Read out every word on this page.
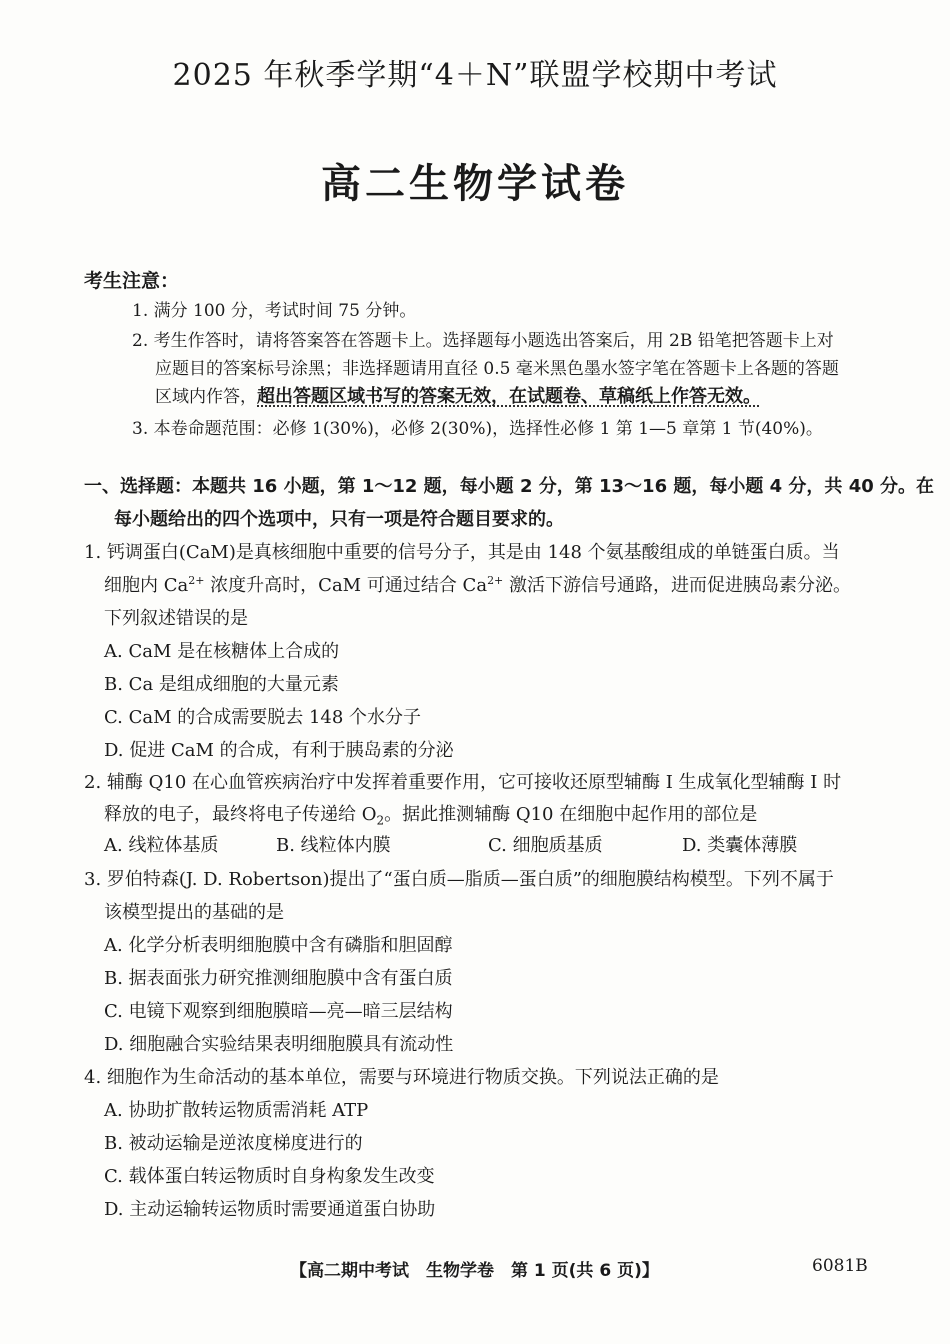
2025 年秋季学期“4＋N”联盟学校期中考试
高二生物学试卷
考生注意：
1. 满分 100 分，考试时间 75 分钟。
2. 考生作答时，请将答案答在答题卡上。选择题每小题选出答案后，用 2B 铅笔把答题卡上对
应题目的答案标号涂黑；非选择题请用直径 0.5 毫米黑色墨水签字笔在答题卡上各题的答题
区域内作答，超出答题区域书写的答案无效，在试题卷、草稿纸上作答无效。
3. 本卷命题范围：必修 1(30%)，必修 2(30%)，选择性必修 1 第 1—5 章第 1 节(40%)。
一、选择题：本题共 16 小题，第 1～12 题，每小题 2 分，第 13～16 题，每小题 4 分，共 40 分。在
每小题给出的四个选项中，只有一项是符合题目要求的。
1. 钙调蛋白(CaM)是真核细胞中重要的信号分子，其是由 148 个氨基酸组成的单链蛋白质。当
细胞内 $Ca^{2+}$ 浓度升高时，CaM 可通过结合 $Ca^{2+}$ 激活下游信号通路，进而促进胰岛素分泌。
下列叙述错误的是
A. CaM 是在核糖体上合成的
B. Ca 是组成细胞的大量元素
C. CaM 的合成需要脱去 148 个水分子
D. 促进 CaM 的合成，有利于胰岛素的分泌
2. 辅酶 Q10 在心血管疾病治疗中发挥着重要作用，它可接收还原型辅酶 I 生成氧化型辅酶 I 时
释放的电子，最终将电子传递给 $O_2$。据此推测辅酶 Q10 在细胞中起作用的部位是
A. 线粒体基质	B. 线粒体内膜	C. 细胞质基质	D. 类囊体薄膜
3. 罗伯特森(J. D. Robertson)提出了“蛋白质—脂质—蛋白质”的细胞膜结构模型。下列不属于
该模型提出的基础的是
A. 化学分析表明细胞膜中含有磷脂和胆固醇
B. 据表面张力研究推测细胞膜中含有蛋白质
C. 电镜下观察到细胞膜暗—亮—暗三层结构
D. 细胞融合实验结果表明细胞膜具有流动性
4. 细胞作为生命活动的基本单位，需要与环境进行物质交换。下列说法正确的是
A. 协助扩散转运物质需消耗 ATP
B. 被动运输是逆浓度梯度进行的
C. 载体蛋白转运物质时自身构象发生改变
D. 主动运输转运物质时需要通道蛋白协助
【高二期中考试　生物学卷　第 1 页(共 6 页)】	6081B
